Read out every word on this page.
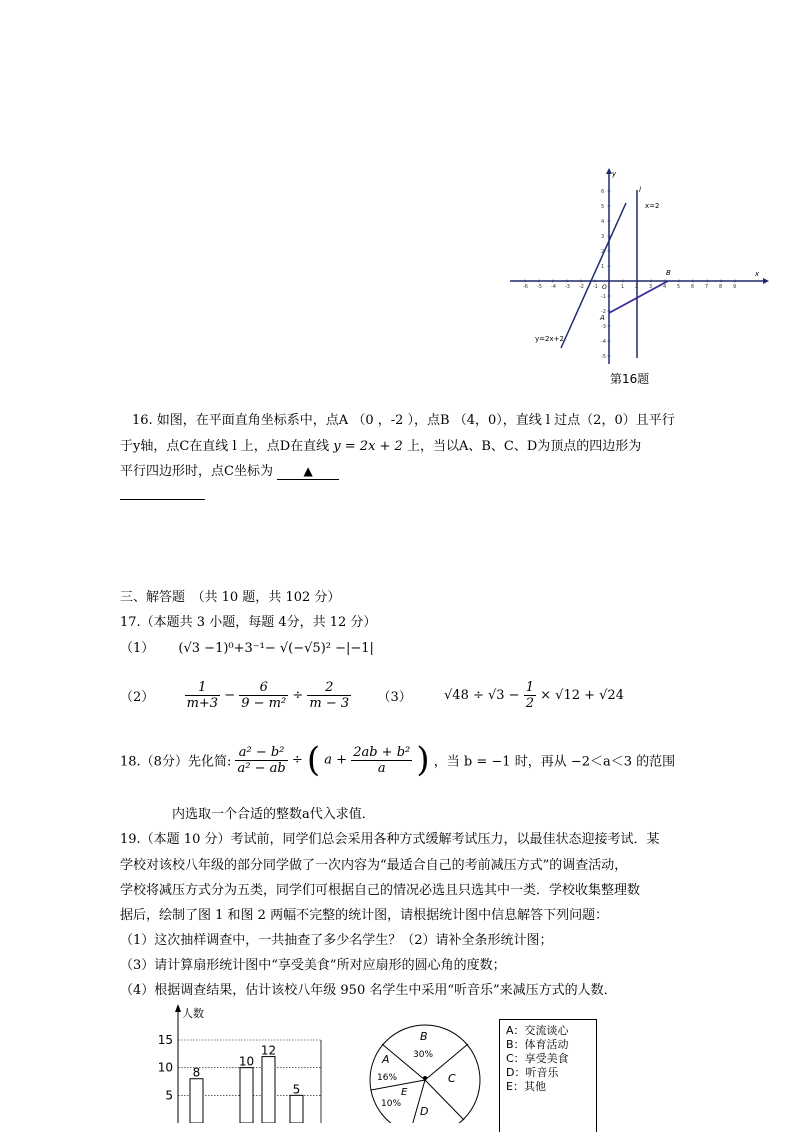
-6 -5 -4 -3 -2 -1	1 2 3 4 5 6 7 8 9
6
5
4
3
2
1
-1
-2
-3
-4
-5
x
y
l
x=2
y=2x+2
A
B
O
第16题
16. 如图，在平面直角坐标系中，点A （0 ，-2 ），点B （4，0），直线 l 过点（2，0）且平行
于y轴，点C在直线 l 上，点D在直线 y = 2x + 2 上，当以A、B、C、D为顶点的四边形为
平行四边形时，点C坐标为	▲
三、解答题　（共 10 题，共 102 分）
17.（本题共 3 小题，每题 4分，共 12 分）
（1） (√3 −1)⁰+3⁻¹− √(−√5)² −|−1|
$(2) \frac{1}{m+3} - \frac{6}{\text{9 − m²}} \div \frac{2}{m - 3} (3) √48 \div √3 - \frac{1}{2} \times √12 + √24$
18.（8分）先化简: $\frac{\text{a² − b²}}{\text{a² − ab}}$ ÷ ( $a + \frac{\text{2ab + b²}}{a}$ ) ，当 b = −1 时，再从 −2＜a＜3 的范围
内选取一个合适的整数a代入求值．
19.（本题 10 分）考试前，同学们总会采用各种方式缓解考试压力，以最佳状态迎接考试．某
学校对该校八年级的部分同学做了一次内容为“最适合自己的考前减压方式”的调查活动，
学校将减压方式分为五类，同学们可根据自己的情况必选且只选其中一类．学校收集整理数
据后，绘制了图 1 和图 2 两幅不完整的统计图，请根据统计图中信息解答下列问题：
（1）这次抽样调查中，一共抽查了多少名学生？（2）请补全条形统计图；
（3）请计算扇形统计图中“享受美食”所对应扇形的圆心角的度数；
（4）根据调查结果，估计该校八年级 950 名学生中采用“听音乐”来减压方式的人数．
人数
5
10
15
8
10
12
5
B
30%
A
16%	C
E
10%
D
A：交流谈心
B：体育活动
C：享受美食
D：听音乐
E：其他
